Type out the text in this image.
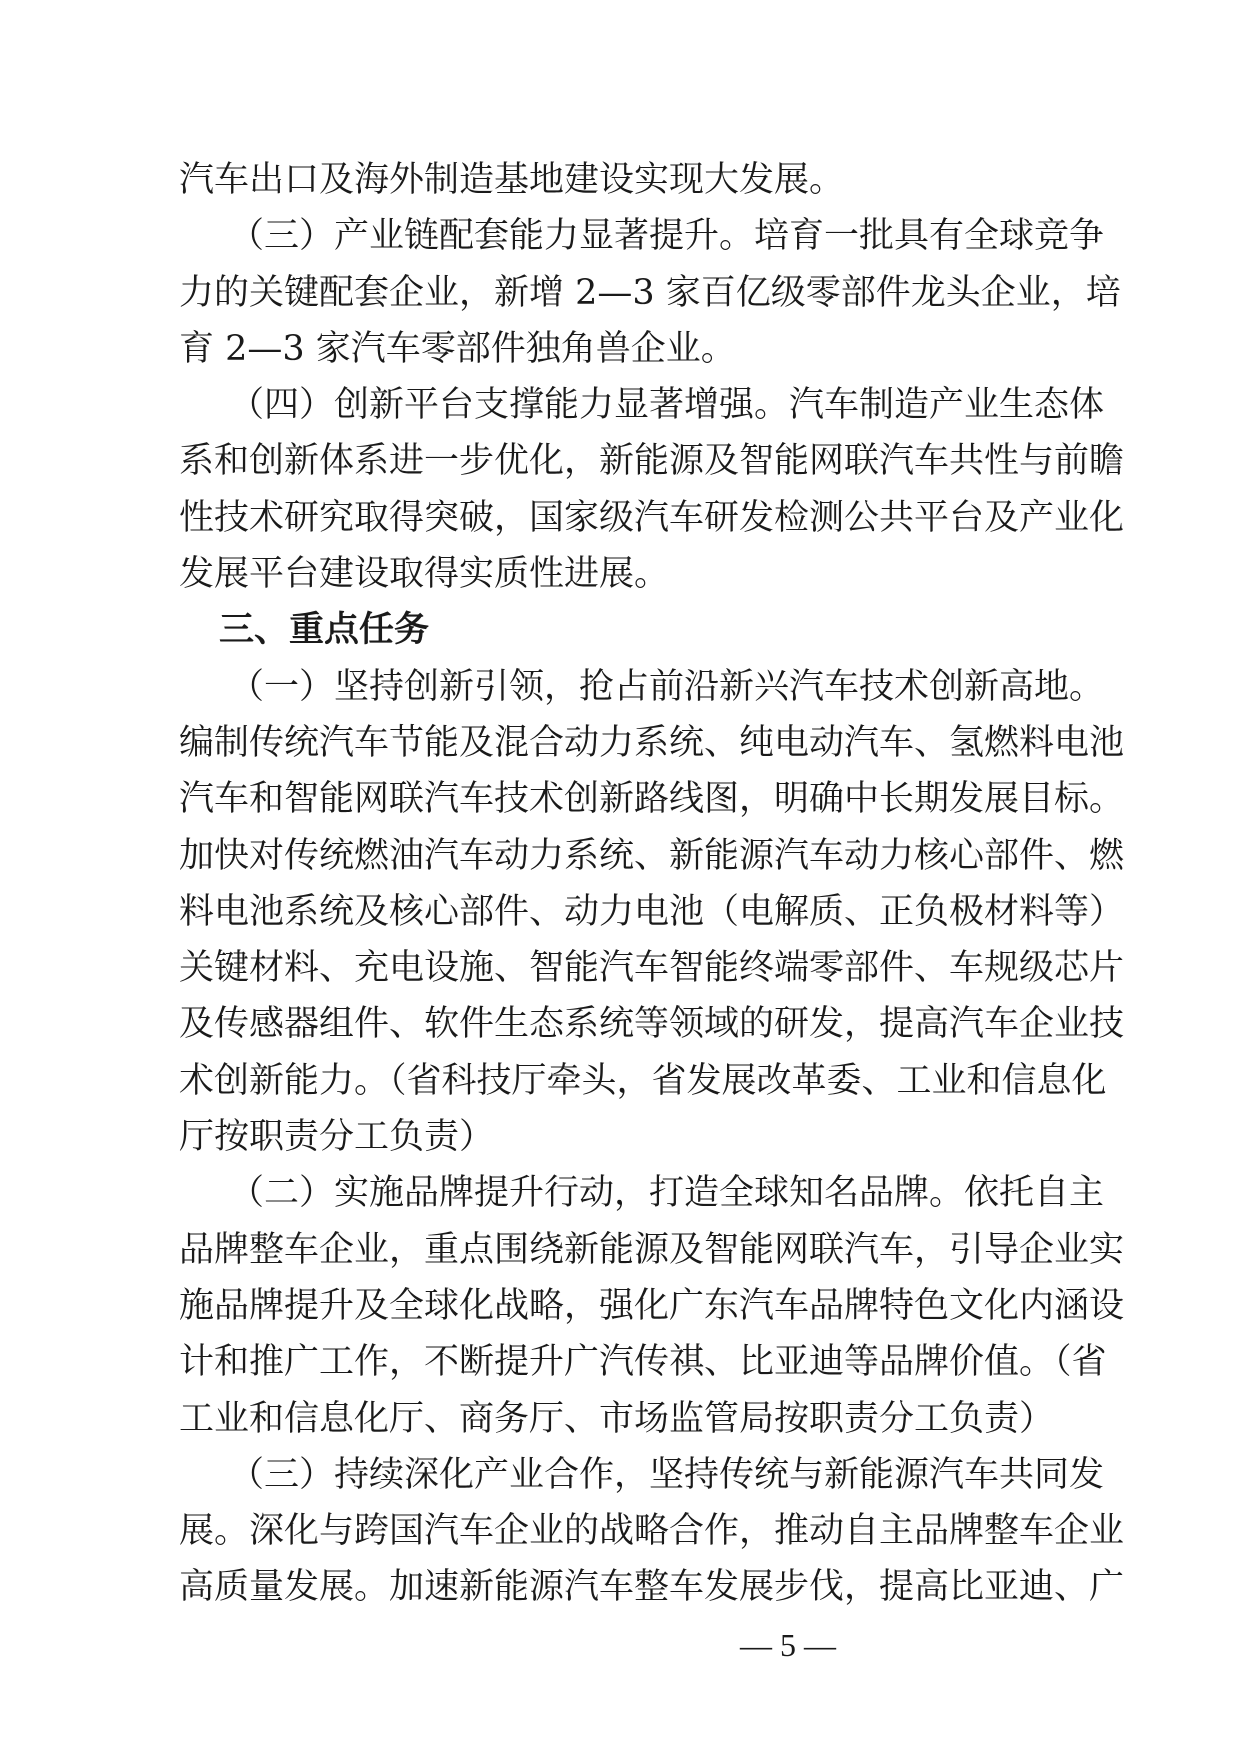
汽车出口及海外制造基地建设实现大发展。
（三）产业链配套能力显著提升。培育一批具有全球竞争
力的关键配套企业，新增 2—3 家百亿级零部件龙头企业，培
育 2—3 家汽车零部件独角兽企业。
（四）创新平台支撑能力显著增强。汽车制造产业生态体
系和创新体系进一步优化，新能源及智能网联汽车共性与前瞻
性技术研究取得突破，国家级汽车研发检测公共平台及产业化
发展平台建设取得实质性进展。
三、重点任务
（一）坚持创新引领，抢占前沿新兴汽车技术创新高地。
编制传统汽车节能及混合动力系统、纯电动汽车、氢燃料电池
汽车和智能网联汽车技术创新路线图，明确中长期发展目标。
加快对传统燃油汽车动力系统、新能源汽车动力核心部件、燃
料电池系统及核心部件、动力电池（电解质、正负极材料等）
关键材料、充电设施、智能汽车智能终端零部件、车规级芯片
及传感器组件、软件生态系统等领域的研发，提高汽车企业技
术创新能力。（省科技厅牵头，省发展改革委、工业和信息化
厅按职责分工负责）
（二）实施品牌提升行动，打造全球知名品牌。依托自主
品牌整车企业，重点围绕新能源及智能网联汽车，引导企业实
施品牌提升及全球化战略，强化广东汽车品牌特色文化内涵设
计和推广工作，不断提升广汽传祺、比亚迪等品牌价值。（省
工业和信息化厅、商务厅、市场监管局按职责分工负责）
（三）持续深化产业合作，坚持传统与新能源汽车共同发
展。深化与跨国汽车企业的战略合作，推动自主品牌整车企业
高质量发展。加速新能源汽车整车发展步伐，提高比亚迪、广
— 5 —
